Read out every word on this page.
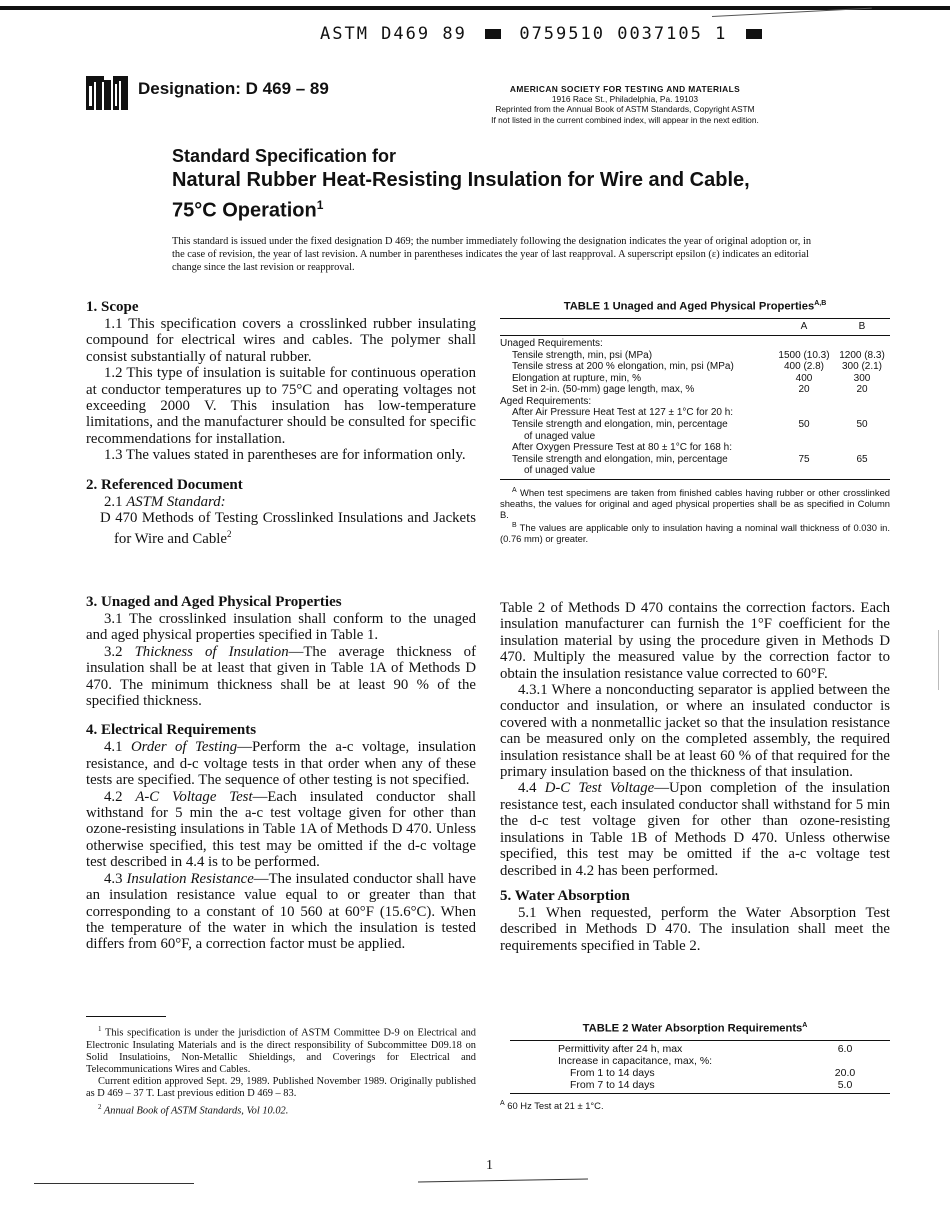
ASTM D469 89	0759510 0037105 1
Designation: D 469 – 89	AMERICAN SOCIETY FOR TESTING AND MATERIALS
1916 Race St., Philadelphia, Pa. 19103
Reprinted from the Annual Book of ASTM Standards, Copyright ASTM
If not listed in the current combined index, will appear in the next edition.
Standard Specification for
Natural Rubber Heat-Resisting Insulation for Wire and Cable,
75°C Operation$^1$
This standard is issued under the fixed designation D 469; the number immediately following the designation indicates the year of original adoption or, in the case of revision, the year of last revision. A number in parentheses indicates the year of last reapproval. A superscript epsilon (ε) indicates an editorial change since the last revision or reapproval.
1. Scope

1.1 This specification covers a crosslinked rubber insulating compound for electrical wires and cables. The polymer shall consist substantially of natural rubber.

1.2 This type of insulation is suitable for continuous operation at conductor temperatures up to 75°C and operating voltages not exceeding 2000 V. This insulation has low-temperature limitations, and the manufacturer should be consulted for specific recommendations for installation.

1.3 The values stated in parentheses are for information only.

2. Referenced Document

2.1 ASTM Standard:

D 470 Methods of Testing Crosslinked Insulations and Jackets for Wire and Cable$^2$
TABLE 1 Unaged and Aged Physical Properties$^{A,B}$
A	B
Unaged Requirements:
Tensile strength, min, psi (MPa)	1500 (10.3) 1200 (8.3)
Tensile stress at 200 % elongation, min, psi (MPa)	400 (2.8)	300 (2.1)
Elongation at rupture, min, %	400	300
Set in 2-in. (50-mm) gage length, max, %	20	20
Aged Requirements:
After Air Pressure Heat Test at 127 ± 1°C for 20 h:
Tensile strength and elongation, min, percentage	50	50
of unaged value
After Oxygen Pressure Test at 80 ± 1°C for 168 h:
Tensile strength and elongation, min, percentage	75	65
of unaged value
$^A$ When test specimens are taken from finished cables having rubber or other crosslinked sheaths, the values for original and aged physical properties shall be as specified in Column B.
$^B$ The values are applicable only to insulation having a nominal wall thickness of 0.030 in. (0.76 mm) or greater.
3. Unaged and Aged Physical Properties

3.1 The crosslinked insulation shall conform to the unaged and aged physical properties specified in Table 1.

3.2 Thickness of Insulation—The average thickness of insulation shall be at least that given in Table 1A of Methods D 470. The minimum thickness shall be at least 90 % of the specified thickness.

4. Electrical Requirements

4.1 Order of Testing—Perform the a-c voltage, insulation resistance, and d-c voltage tests in that order when any of these tests are specified. The sequence of other testing is not specified.

4.2 A-C Voltage Test—Each insulated conductor shall withstand for 5 min the a-c test voltage given for other than ozone-resisting insulations in Table 1A of Methods D 470. Unless otherwise specified, this test may be omitted if the d-c voltage test described in 4.4 is to be performed.

4.3 Insulation Resistance—The insulated conductor shall have an insulation resistance value equal to or greater than that corresponding to a constant of 10 560 at 60°F (15.6°C). When the temperature of the water in which the insulation is tested differs from 60°F, a correction factor must be applied.

Table 2 of Methods D 470 contains the correction factors. Each insulation manufacturer can furnish the 1°F coefficient for the insulation material by using the procedure given in Methods D 470. Multiply the measured value by the correction factor to obtain the insulation resistance value corrected to 60°F.

4.3.1 Where a nonconducting separator is applied between the conductor and insulation, or where an insulated conductor is covered with a nonmetallic jacket so that the insulation resistance can be measured only on the completed assembly, the required insulation resistance shall be at least 60 % of that required for the primary insulation based on the thickness of that insulation.

4.4 D-C Test Voltage—Upon completion of the insulation resistance test, each insulated conductor shall withstand for 5 min the d-c test voltage given for other than ozone-resisting insulations in Table 1B of Methods D 470. Unless otherwise specified, this test may be omitted if the a-c voltage test described in 4.2 has been performed.

5. Water Absorption

5.1 When requested, perform the Water Absorption Test described in Methods D 470. The insulation shall meet the requirements specified in Table 2.

TABLE 2 Water Absorption Requirements$^A$
Permittivity after 24 h, max	6.0
Increase in capacitance, max, %:
From 1 to 14 days	20.0
From 7 to 14 days	5.0
$^A$ 60 Hz Test at 21 ± 1°C.

$^1$ This specification is under the jurisdiction of ASTM Committee D-9 on Electrical and Electronic Insulating Materials and is the direct responsibility of Subcommittee D09.18 on Solid Insulatioins, Non-Metallic Shieldings, and Coverings for Electrical and Telecommunications Wires and Cables.

Current edition approved Sept. 29, 1989. Published November 1989. Originally published as D 469 – 37 T. Last previous edition D 469 – 83.

$^2$ Annual Book of ASTM Standards, Vol 10.02.

1
